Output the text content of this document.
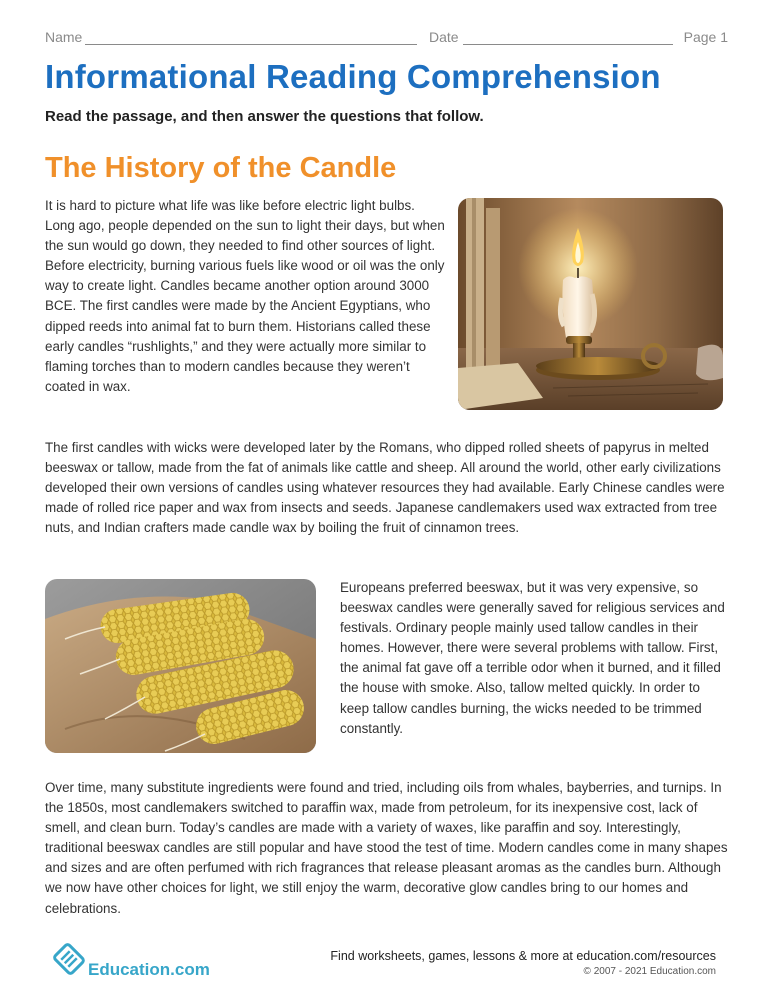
Name	Date	Page 1
Informational Reading Comprehension
Read the passage, and then answer the questions that follow.
The History of the Candle

It is hard to picture what life was like before electric light bulbs. Long ago, people depended on the sun to light their days, but when the sun would go down, they needed to find other sources of light. Before electricity, burning various fuels like wood or oil was the only way to create light. Candles became another option around 3000 BCE. The first candles were made by the Ancient Egyptians, who dipped reeds into animal fat to burn them. Historians called these early candles “rushlights,” and they were actually more similar to flaming torches than to modern candles because they weren’t coated in wax.

The first candles with wicks were developed later by the Romans, who dipped rolled sheets of papyrus in melted beeswax or tallow, made from the fat of animals like cattle and sheep. All around the world, other early civilizations developed their own versions of candles using whatever resources they had available. Early Chinese candles were made of rolled rice paper and wax from insects and seeds. Japanese candlemakers used wax extracted from tree nuts, and Indian crafters made candle wax by boiling the fruit of cinnamon trees.

Europeans preferred beeswax, but it was very expensive, so beeswax candles were generally saved for religious services and festivals. Ordinary people mainly used tallow candles in their homes. However, there were several problems with tallow. First, the animal fat gave off a terrible odor when it burned, and it filled the house with smoke. Also, tallow melted quickly. In order to keep tallow candles burning, the wicks needed to be trimmed constantly.

Over time, many substitute ingredients were found and tried, including oils from whales, bayberries, and turnips. In the 1850s, most candlemakers switched to paraffin wax, made from petroleum, for its inexpensive cost, lack of smell, and clean burn. Today’s candles are made with a variety of waxes, like paraffin and soy. Interestingly, traditional beeswax candles are still popular and have stood the test of time. Modern candles come in many shapes and sizes and are often perfumed with rich fragrances that release pleasant aromas as the candles burn. Although we now have other choices for light, we still enjoy the warm, decorative glow candles bring to our homes and celebrations.

Education.com
Find worksheets, games, lessons & more at education.com/resources
© 2007 - 2021 Education.com
